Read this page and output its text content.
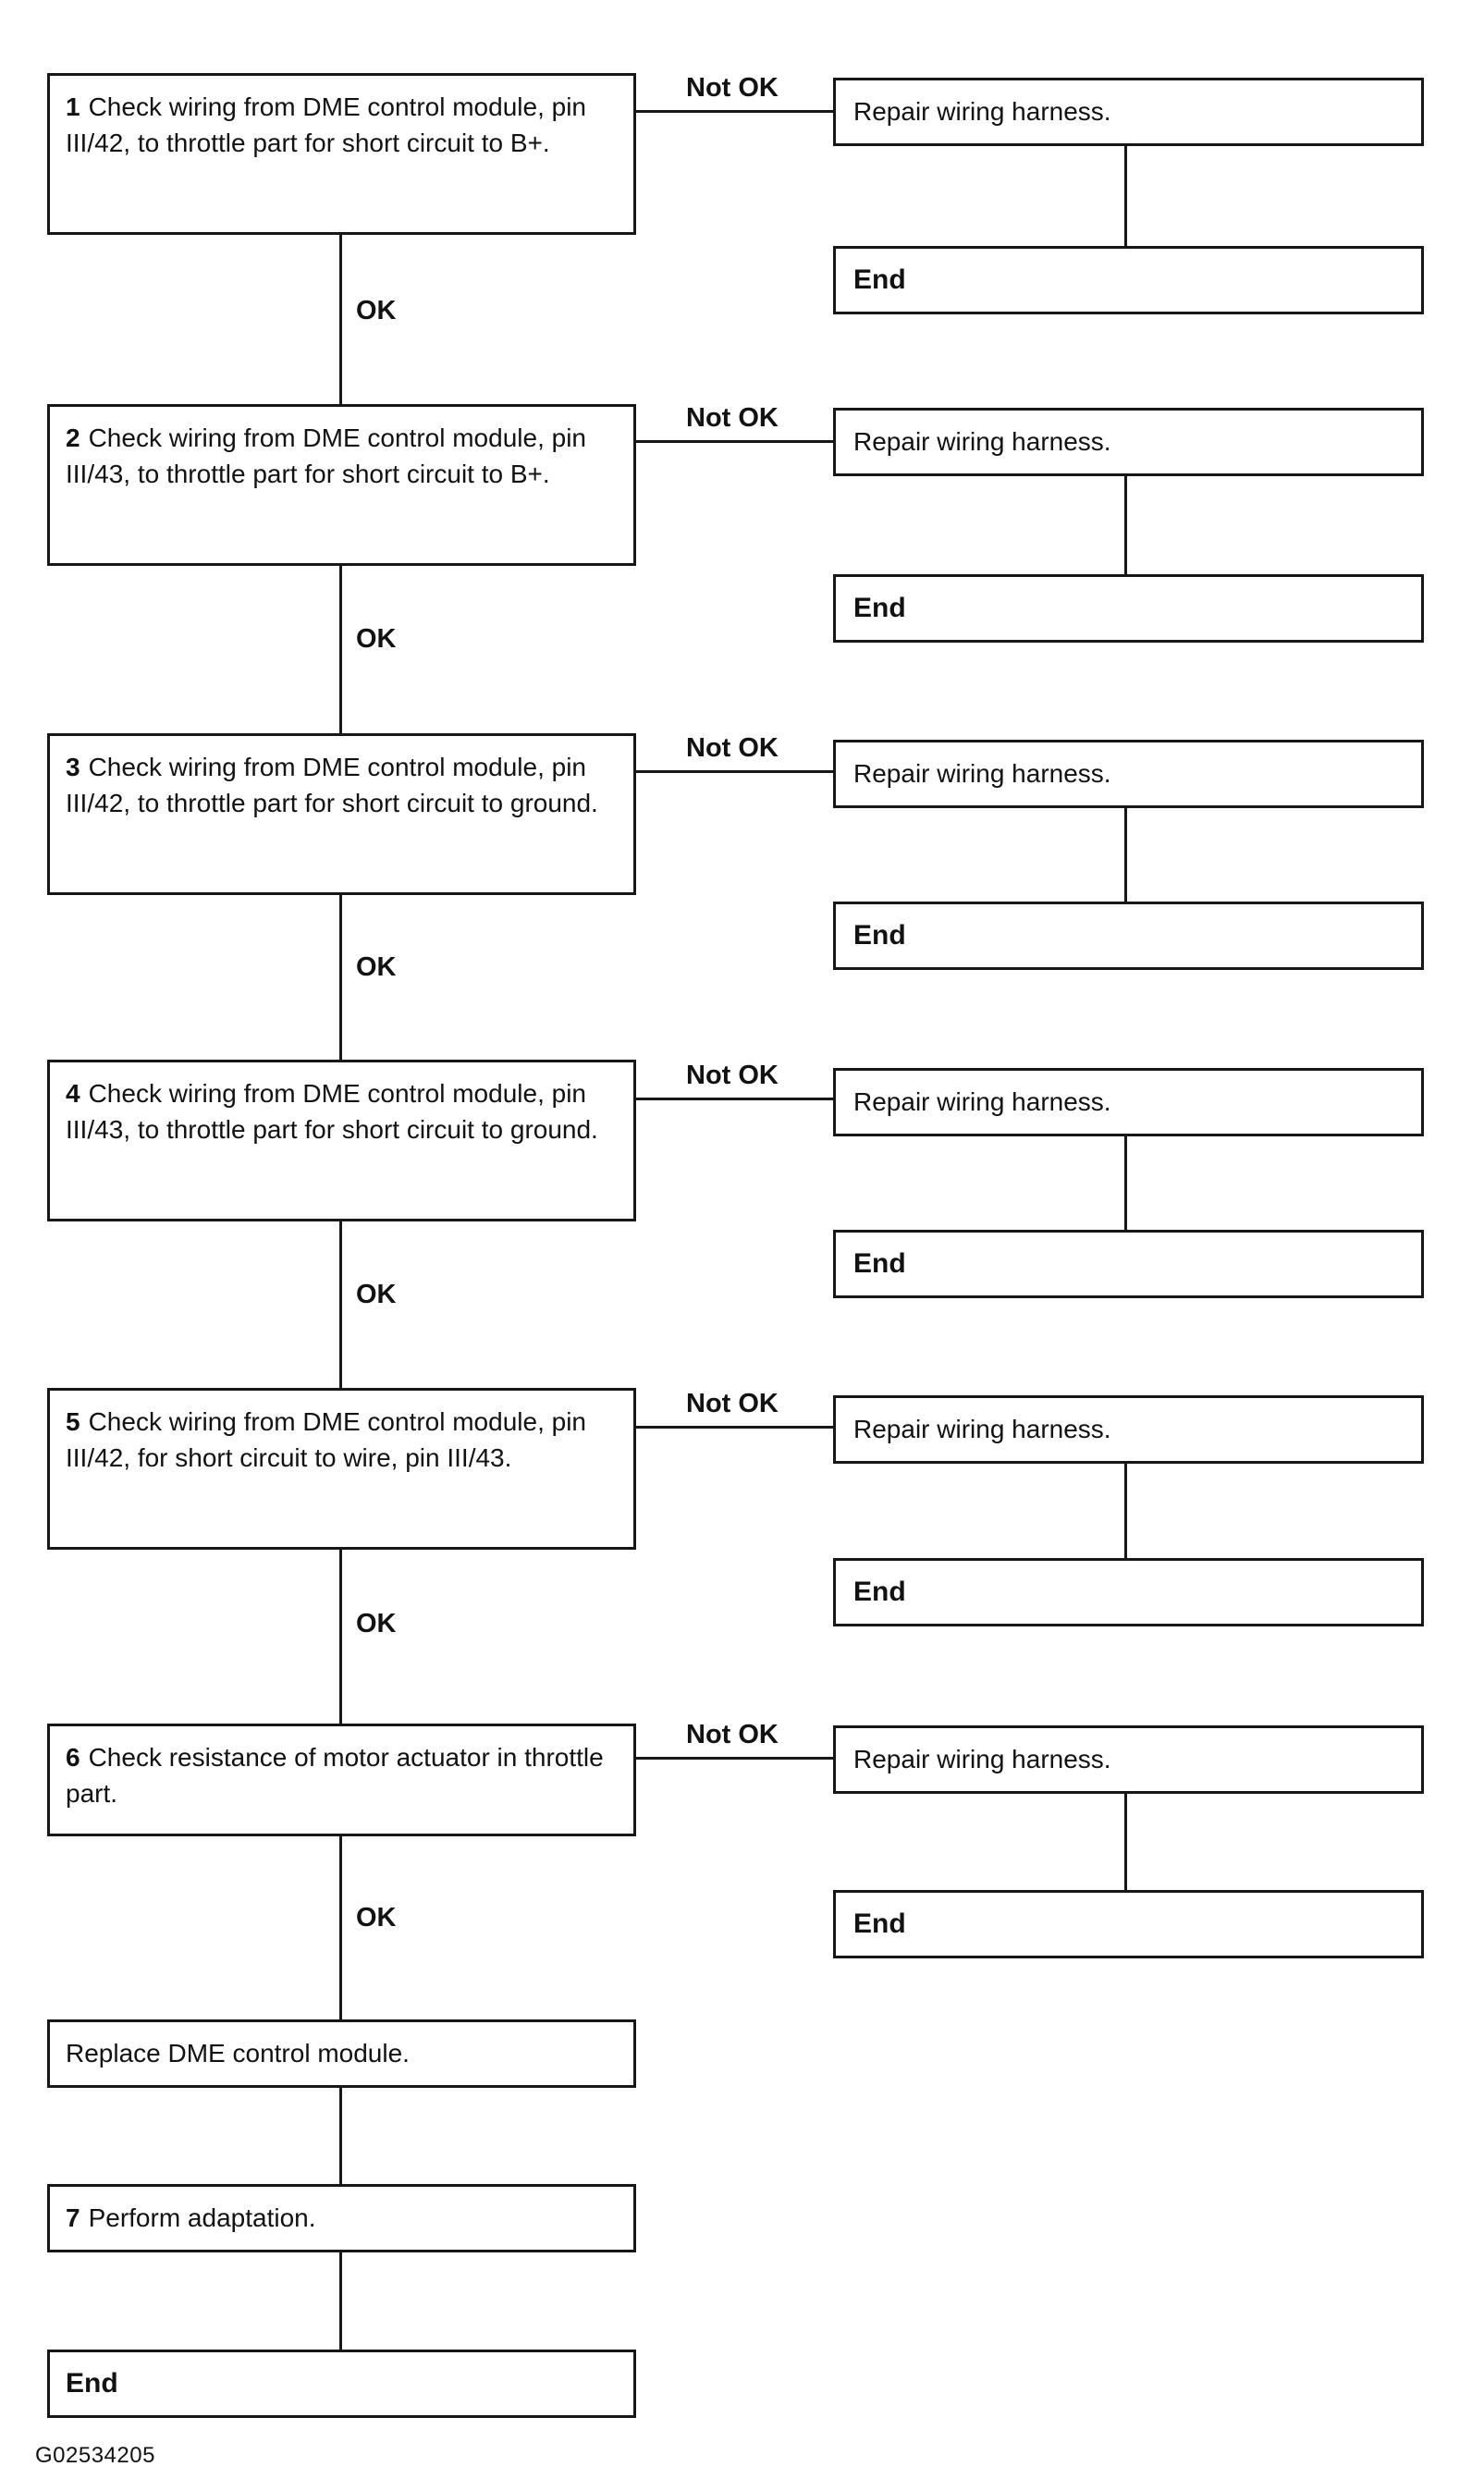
1 Check wiring from DME control module, pin III/42, to throttle part for short circuit to B+.
Not OK
Repair wiring harness.
End
OK
2 Check wiring from DME control module, pin III/43, to throttle part for short circuit to B+.
Not OK
Repair wiring harness.
End
OK
3 Check wiring from DME control module, pin III/42, to throttle part for short circuit to ground.
Not OK
Repair wiring harness.
End
OK
4 Check wiring from DME control module, pin III/43, to throttle part for short circuit to ground.
Not OK
Repair wiring harness.
End
OK
5 Check wiring from DME control module, pin III/42, for short circuit to wire, pin III/43.
Not OK
Repair wiring harness.
End
OK
6 Check resistance of motor actuator in throttle part.
Not OK
Repair wiring harness.
End
OK
Replace DME control module.
7 Perform adaptation.
End
G02534205
